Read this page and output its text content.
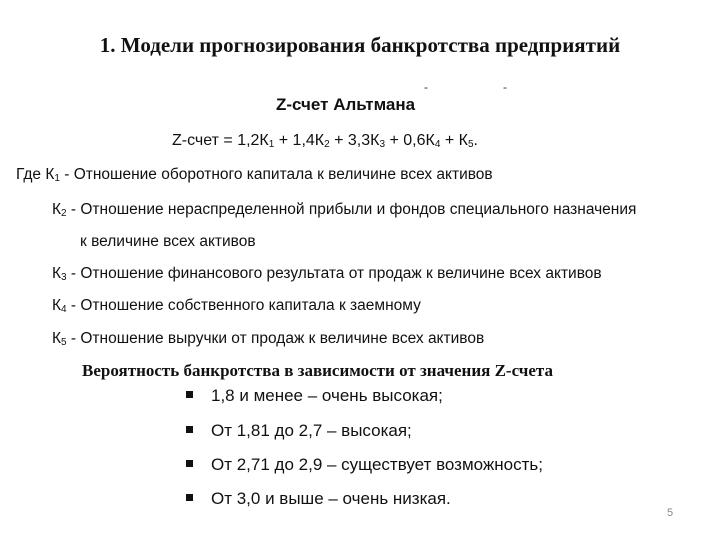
1. Модели прогнозирования банкротства предприятий
Z-счет Альтмана
-	-
Z-счет = $1,2К_1 + 1,4К_2 + 3,3К_3 + 0,6К_4 + К_5$.
Где $К_1$ - Отношение оборотного капитала к величине всех активов
$К_2$ - Отношение нераспределенной прибыли и фондов специального назначения
к величине всех активов
$К_3$ - Отношение финансового результата от продаж к величине всех активов
$К_4$ - Отношение собственного капитала к заемному
$К_5$ - Отношение выручки от продаж к величине всех активов
Вероятность банкротства в зависимости от значения Z-счета
1,8 и менее – очень высокая;
От 1,81 до 2,7 – высокая;
От 2,71 до 2,9 – существует возможность;
От 3,0 и выше – очень низкая.
5
